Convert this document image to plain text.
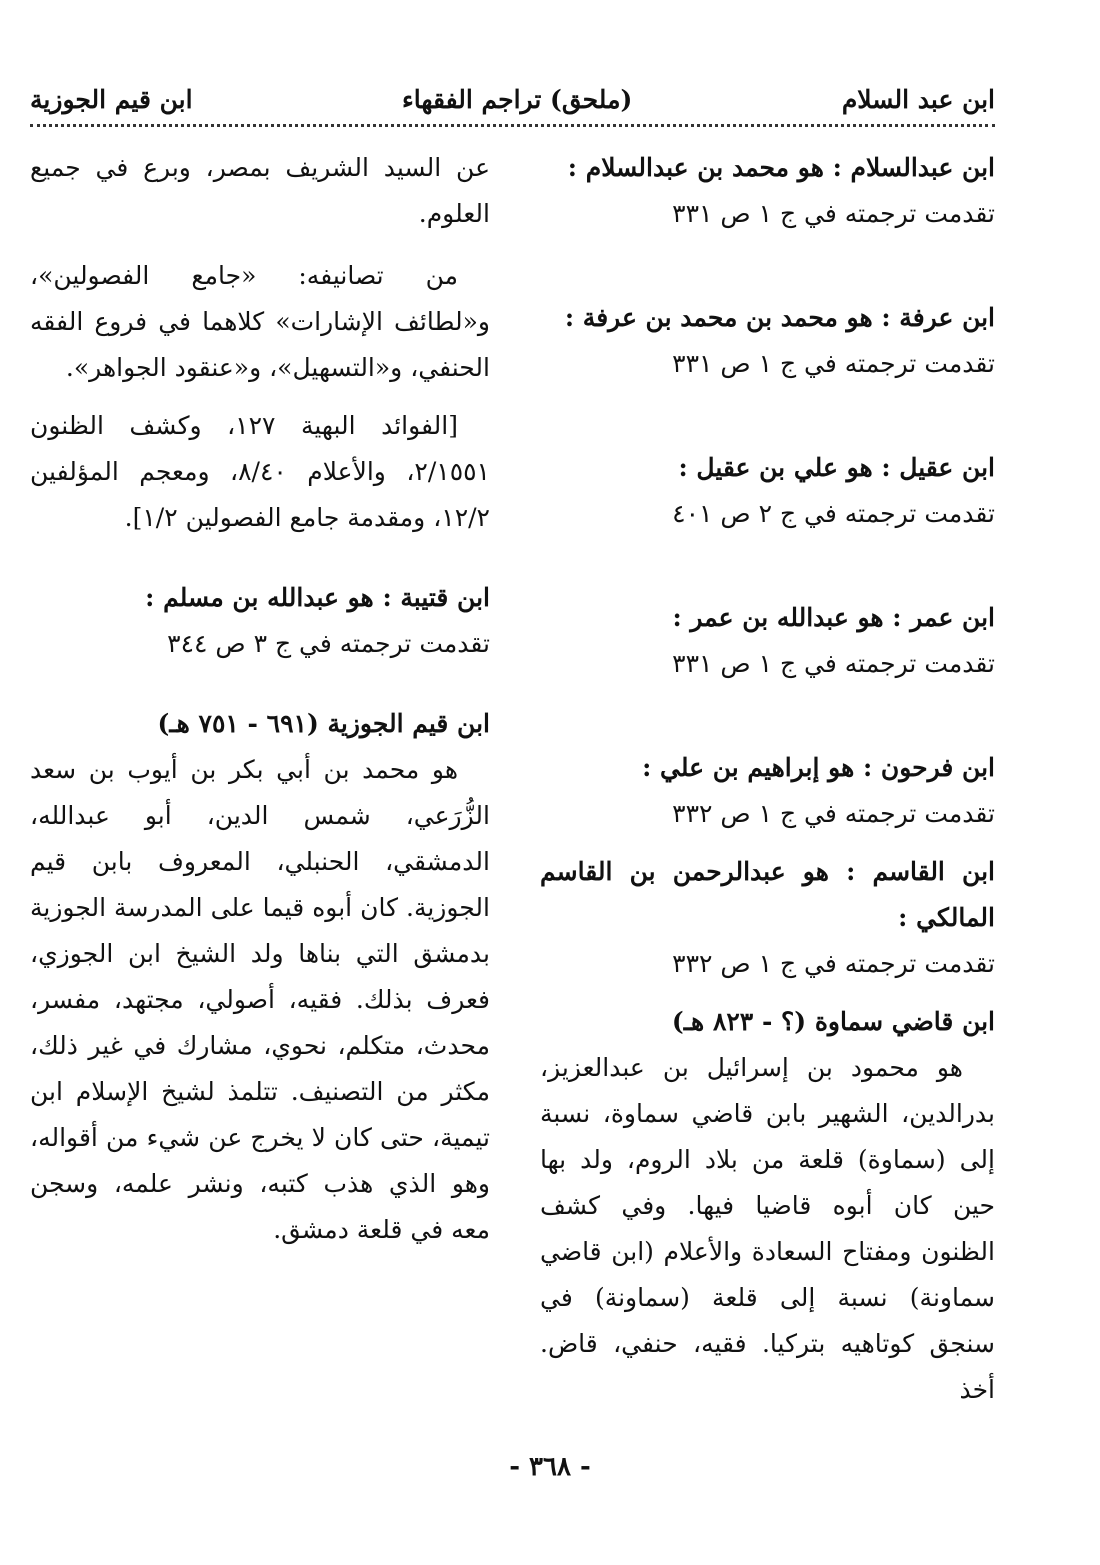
ابن عبد السلام
(ملحق) تراجم الفقهاء
ابن قيم الجوزية

ابن عبدالسلام : هو محمد بن عبدالسلام :
تقدمت ترجمته في ج ١ ص ٣٣١

ابن عرفة : هو محمد بن محمد بن عرفة :
تقدمت ترجمته في ج ١ ص ٣٣١

ابن عقيل : هو علي بن عقيل :
تقدمت ترجمته في ج ٢ ص ٤٠١

ابن عمر : هو عبدالله بن عمر :
تقدمت ترجمته في ج ١ ص ٣٣١

ابن فرحون : هو إبراهيم بن علي :
تقدمت ترجمته في ج ١ ص ٣٣٢

ابن القاسم : هو عبدالرحمن بن القاسم المالكي :
تقدمت ترجمته في ج ١ ص ٣٣٢

ابن قاضي سماوة (؟ - ٨٢٣ هـ)

هو محمود بن إسرائيل بن عبدالعزيز، بدرالدين، الشهير بابن قاضي سماوة، نسبة إلى (سماوة) قلعة من بلاد الروم، ولد بها حين كان أبوه قاضيا فيها. وفي كشف الظنون ومفتاح السعادة والأعلام (ابن قاضي سماونة) نسبة إلى قلعة (سماونة) في سنجق كوتاهيه بتركيا. فقيه، حنفي، قاض. أخذ

عن السيد الشريف بمصر، وبرع في جميع العلوم.

من تصانيفه: «جامع الفصولين»، و«لطائف الإشارات» كلاهما في فروع الفقه الحنفي، و«التسهيل»، و«عنقود الجواهر».

[الفوائد البهية ١٢٧، وكشف الظنون ٢/١٥٥١، والأعلام ٨/٤٠، ومعجم المؤلفين ١٢/٢، ومقدمة جامع الفصولين ١/٢].

ابن قتيبة : هو عبدالله بن مسلم :
تقدمت ترجمته في ج ٣ ص ٣٤٤

ابن قيم الجوزية (٦٩١ - ٧٥١ هـ)

هو محمد بن أبي بكر بن أيوب بن سعد الزُّرَعي، شمس الدين، أبو عبدالله، الدمشقي، الحنبلي، المعروف بابن قيم الجوزية. كان أبوه قيما على المدرسة الجوزية بدمشق التي بناها ولد الشيخ ابن الجوزي، فعرف بذلك. فقيه، أصولي، مجتهد، مفسر، محدث، متكلم، نحوي، مشارك في غير ذلك، مكثر من التصنيف. تتلمذ لشيخ الإسلام ابن تيمية، حتى كان لا يخرج عن شيء من أقواله، وهو الذي هذب كتبه، ونشر علمه، وسجن معه في قلعة دمشق.

- ٣٦٨ -
